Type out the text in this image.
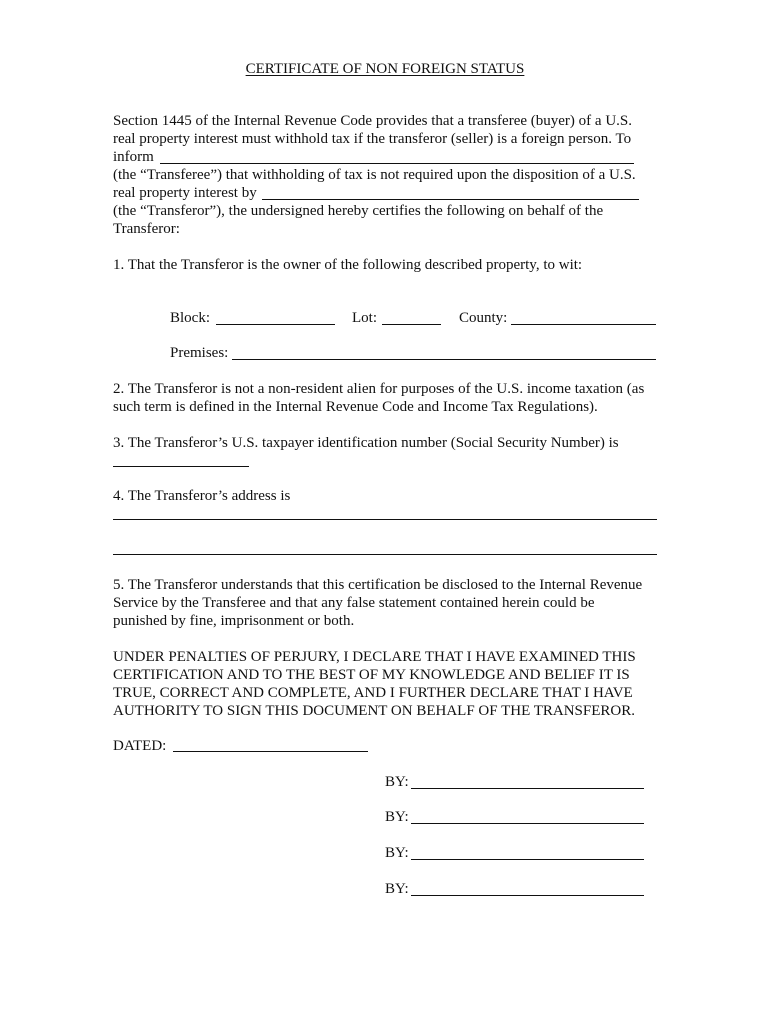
CERTIFICATE OF NON FOREIGN STATUS
Section 1445 of the Internal Revenue Code provides that a transferee (buyer) of a U.S.
real property interest must withhold tax if the transferor (seller) is a foreign person. To
inform
(the “Transferee”) that withholding of tax is not required upon the disposition of a U.S.
real property interest by
(the “Transferor”), the undersigned hereby certifies the following on behalf of the
Transferor:
1. That the Transferor is the owner of the following described property, to wit:
Block:	Lot:	County:
Premises:
2. The Transferor is not a non-resident alien for purposes of the U.S. income taxation (as
such term is defined in the Internal Revenue Code and Income Tax Regulations).
3. The Transferor’s U.S. taxpayer identification number (Social Security Number) is
4. The Transferor’s address is
5. The Transferor understands that this certification be disclosed to the Internal Revenue
Service by the Transferee and that any false statement contained herein could be
punished by fine, imprisonment or both.
UNDER PENALTIES OF PERJURY, I DECLARE THAT I HAVE EXAMINED THIS
CERTIFICATION AND TO THE BEST OF MY KNOWLEDGE AND BELIEF IT IS
TRUE, CORRECT AND COMPLETE, AND I FURTHER DECLARE THAT I HAVE
AUTHORITY TO SIGN THIS DOCUMENT ON BEHALF OF THE TRANSFEROR.
DATED:
BY:
BY:
BY:
BY:
